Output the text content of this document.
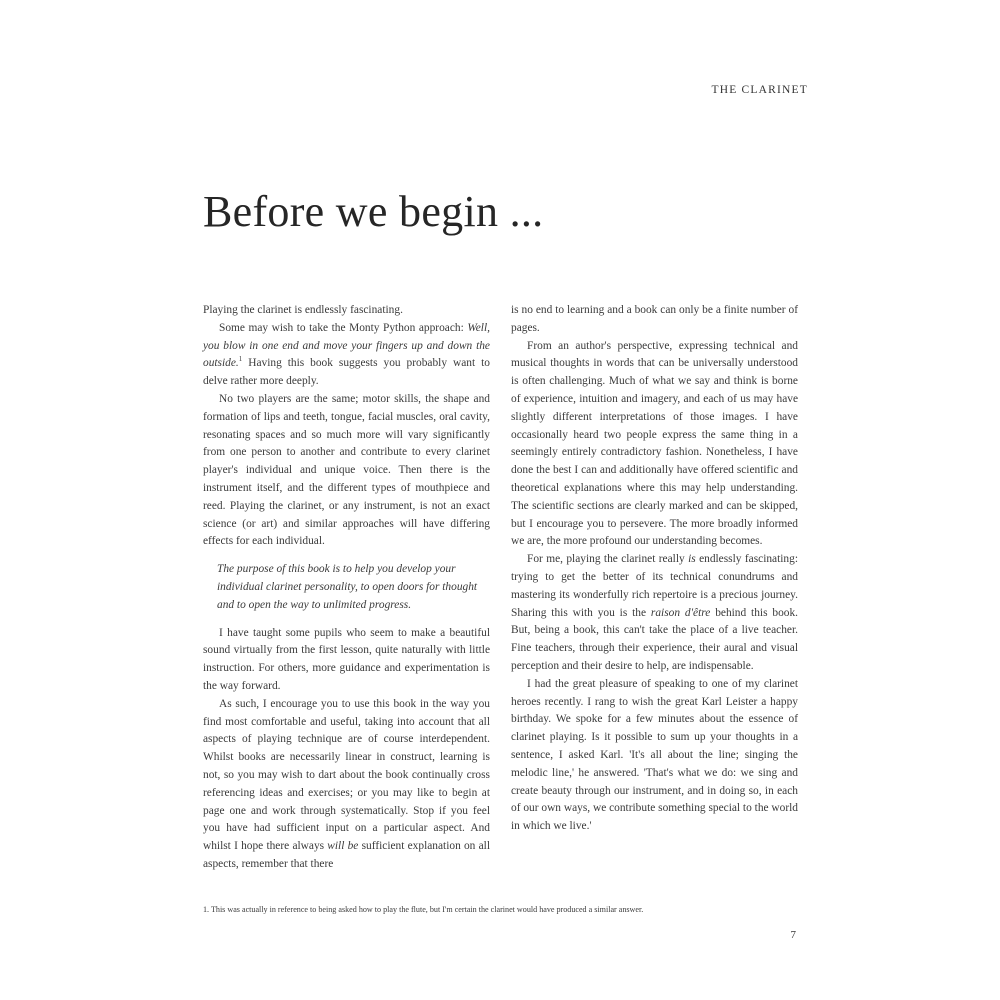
THE CLARINET
Before we begin ...

Playing the clarinet is endlessly fascinating.

Some may wish to take the Monty Python approach: Well, you blow in one end and move your fingers up and down the outside.$^1$ Having this book suggests you probably want to delve rather more deeply.

No two players are the same; motor skills, the shape and formation of lips and teeth, tongue, facial muscles, oral cavity, resonating spaces and so much more will vary significantly from one person to another and contribute to every clarinet player's individual and unique voice. Then there is the instrument itself, and the different types of mouthpiece and reed. Playing the clarinet, or any instrument, is not an exact science (or art) and similar approaches will have differing effects for each individual.

The purpose of this book is to help you develop your individual clarinet personality, to open doors for thought and to open the way to unlimited progress.

I have taught some pupils who seem to make a beautiful sound virtually from the first lesson, quite naturally with little instruction. For others, more guidance and experimentation is the way forward.

As such, I encourage you to use this book in the way you find most comfortable and useful, taking into account that all aspects of playing technique are of course interdependent. Whilst books are necessarily linear in construct, learning is not, so you may wish to dart about the book continually cross referencing ideas and exercises; or you may like to begin at page one and work through systematically. Stop if you feel you have had sufficient input on a particular aspect. And whilst I hope there always will be sufficient explanation on all aspects, remember that there

is no end to learning and a book can only be a finite number of pages.

From an author's perspective, expressing technical and musical thoughts in words that can be universally understood is often challenging. Much of what we say and think is borne of experience, intuition and imagery, and each of us may have slightly different interpretations of those images. I have occasionally heard two people express the same thing in a seemingly entirely contradictory fashion. Nonetheless, I have done the best I can and additionally have offered scientific and theoretical explanations where this may help understanding. The scientific sections are clearly marked and can be skipped, but I encourage you to persevere. The more broadly informed we are, the more profound our understanding becomes.

For me, playing the clarinet really is endlessly fascinating: trying to get the better of its technical conundrums and mastering its wonderfully rich repertoire is a precious journey. Sharing this with you is the raison d'être behind this book. But, being a book, this can't take the place of a live teacher. Fine teachers, through their experience, their aural and visual perception and their desire to help, are indispensable.

I had the great pleasure of speaking to one of my clarinet heroes recently. I rang to wish the great Karl Leister a happy birthday. We spoke for a few minutes about the essence of clarinet playing. Is it possible to sum up your thoughts in a sentence, I asked Karl. 'It's all about the line; singing the melodic line,' he answered. 'That's what we do: we sing and create beauty through our instrument, and in doing so, in each of our own ways, we contribute something special to the world in which we live.'

1. This was actually in reference to being asked how to play the flute, but I'm certain the clarinet would have produced a similar answer.
7
